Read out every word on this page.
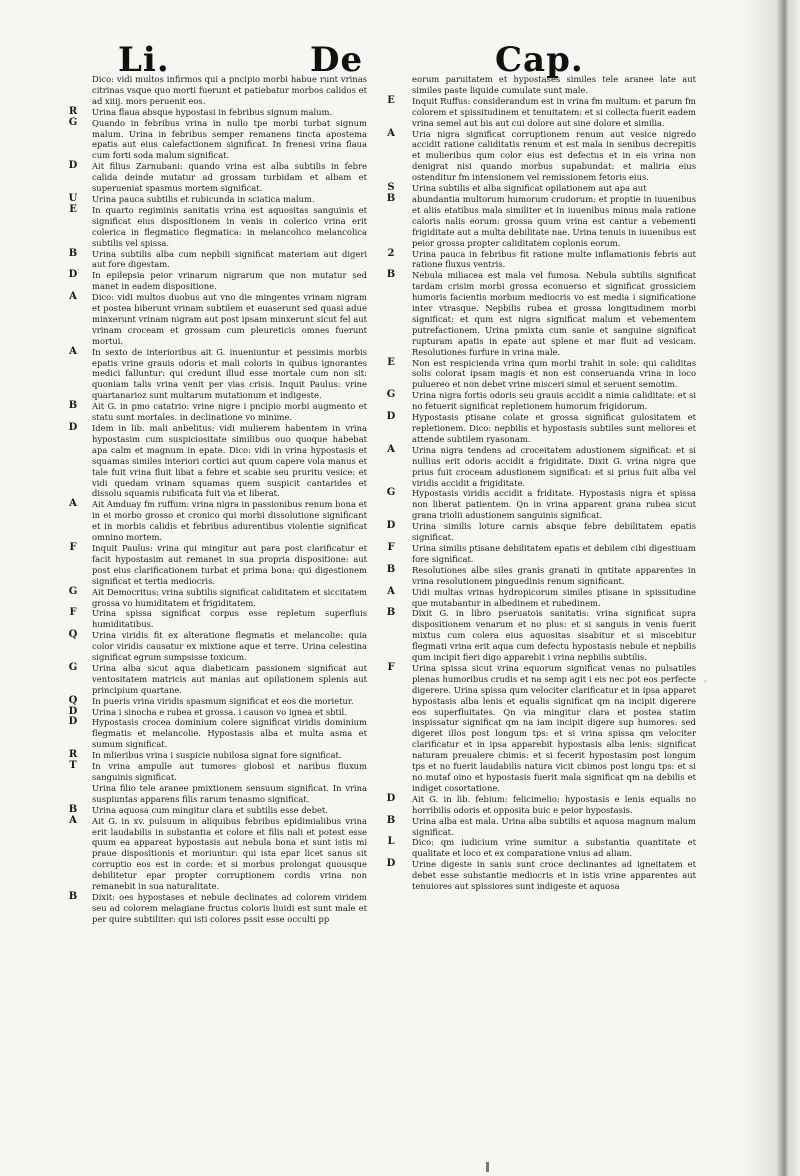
Li.	De	Cap.
Dico: vidi multos infirmos qui a pncipio morbi habue runt vrinas citrinas vsque quo morti fuerunt et patiebatur morbos calidos et ad xiiij. mors peruenit eos.
R	Urina flaua absque hypostasi in febribus signum malum.
G	Quando in febribus vrina in nullo tpe morbi turbat signum malum. Urina in febribus semper remanens tincta apostema epatis aut eius calefactionem significat. In frenesi vrina flaua cum forti soda malum significat.
D	Ait filius Zarnubani: quando vrina est alba subtilis in febre calida deinde mutatur ad grossam turbidam et albam et superueniat spasmus mortem significat.
U	Urina pauca subtilis et rubicunda in sciatica malum.
E	In quarto regiminis sanitatis vrina est aquositas sanguinis et significat eius dispositionem in venis in colerico vrina erit colerica in flegmatico flegmatica: in melancolico melancolica subtilis vel spissa.
B	Urina subtilis alba cum nepbili significat materiam aut digeri aut fore digestam.
D	In epilepsia peior vrinarum nigrarum que non mutatur sed manet in eadem dispositione.
A	Dico: vidi multos duobus aut vno die mingentes vrinam nigram et postea biberunt vrinam subtilem et euaserunt sed quasi adue minxerunt vrinam nigram aut post ipsam minxerunt sicut fel aut vrinam croceam et grossam cum pleureticis omnes fuerunt mortui.
A	In sexto de interioribus ait G. inueniuntur et pessimis morbis epatis vrine grauis odoris et mali coloris in quibus ignorantes medici falluntur: qui credunt illud esse mortale cum non sit: quoniam talis vrina venit per vias crisis. Inquit Paulus: vrine quartanarioz sunt multarum mutationum et indigeste.
B	Ait G. in pmo catatrio: vrine nigre i pncipio morbi augmento et statu sunt mortales. in declinatione vo minime.
D	Idem in lib. mali anbelitus: vidi mulierem habentem in vrina hypostasim cum suspiciositate similibus ouo quoque habebat apa calm et magnum in epate. Dico: vidi in vrina hypostasis et squamas similes interiori cortici aut quum capere vola manus et tale fuit vrina fluit libat a febre et scabie seu pruritu vesice: et vidi quedam vrinam squamas quem suspicit cantarides et dissolu squamis rubificata fuit via et liberat.
A	Ait Amduay fm ruffum: vrina nigra in passionibus renum bona et in ei morbo grosso et cronico qui morbi dissolutione significant et in morbis calidis et febribus adurentibus violentie significat omnino mortem.
F	Inquit Paulus: vrina qui mingitur aut para post clarificatur et facit hypostasim aut remanet in sua propria dispositione: aut post eius clarificationem turbat et prima bona: qui digestionem significat et tertia mediocris.
G	Ait Democritus: vrina subtilis significat caliditatem et siccitatem grossa vo humiditatem et frigiditatem.
F	Urina spissa significat corpus esse repletum superfluis humiditatibus.
Q	Urina viridis fit ex alteratione flegmatis et melancolie: quia color viridis causatur ex mixtione aque et terre. Urina celestina significat egrum sumpsisse toxicum.
G	Urina alba sicut aqua diabeticam passionem significat aut ventositatem matricis aut manias aut opilationem splenis aut principium quartane.
Q	In pueris vrina viridis spasmum significat et eos die morietur.
D	Urina i sinocha e rubea et grossa. i causon vo ignea et sbtil.
D	Hypostasis crocea dominium colere significat viridis dominium flegmatis et melancolie. Hypostasis alba et multa asma et sumum significat.
R	In mlieribus vrina i suspicie nubilosa signat fore significat.
T	In vrina ampulle aut tumores globosi et naribus fluxum sanguinis significat.
Urina filio tele aranee pmixtionem sensuum significat. In vrina suspiuntas apparens filis rarum tenasmo significat.
B	Urina aquosa cum mingitur clara et subtilis esse debet.
A	Ait G. in xv. pulsuum in aliquibus febribus epidimialibus vrina erit laudabilis in substantia et colore et filis nali et potest esse quum ea appareat hypostasis aut nebula bona et sunt istis mi praue dispositionis et moriuntur: qui ista epar licet sanus sit corruptio eos est in corde: et si morbus prolongat quousque debilitetur epar propter corruptionem cordis vrina non remanebit in sua naturalitate.
B	Dixit: oes hypostases et nebule declinates ad colorem viridem seu ad colorem melagiane fructus coloris liuidi est sunt male et per quire subtiliter: qui isti colores pssit esse occulti pp
eorum paruitatem et hypostases similes tele aranee late aut similes paste liquide cumulate sunt male.
E	Inquit Ruffus: considerandum est in vrina fm multum: et parum fm colorem et spissitudinem et tenuitatem: et si collecta fuerit eadem vrina semel aut bis aut cui dolore aut sine dolore et similia.
A	Uria nigra significat corruptionem renum aut vesice nigredo accidit ratione caliditatis renum et est mala in senibus decrepitis et mulieribus qum color eius est defectus et in eis vrina non denigrat nisi quando morbus supabundat: et maliria eius ostenditur fm intensionem vel remissionem fetoris eius.
S	Urina subtilis et alba significat opilationem aut apa aut
B	abundantia multorum humorum crudorum: et proptie in iuuenibus et aliis etatibus mala similiter et in iuuenibus minus mala ratione caloris nalis eorum: grossa quum vrina est cantur a vebementi frigiditate aut a multa debilitate nae. Urina tenuis in iuuenibus est peior grossa propter caliditatem coplonis eorum.
2	Urina pauca in febribus fit ratione multe inflamationis febris aut ratione fluxus ventris.
B	Nebula miliacea est mala vel fumosa. Nebula subtilis significat tardam crisim morbi grossa econuerso et significat grossiciem humoris facientis morbum mediocris vo est media i significatione inter vtrasque. Nepbilis rubea et grossa longitudinem morbi significat: et qum est nigra significat malum et vebementem putrefactionem. Urina pmixta cum sanie et sanguine significat rupturam apatis in epate aut splene et mar fluit ad vesicam. Resolutiones furfure in vrina male.
E	Non est respicienda vrina qum morbi trahit in sole: qui caliditas solis colorat ipsam magis et non est conseruanda vrina in loco puluereo et non debet vrine misceri simul et seruent semotim.
G	Urina nigra fortis odoris seu grauis accidit a nimia caliditate: et si no fetuerit significat repletionem humorum frigidorum.
D	Hypostasis ptisane colate et grossa significat gulositatem et repletionem. Dico: nepbilis et hypostasis subtiles sunt meliores et attende subtilem ryasonam.
A	Urina nigra tendens ad croceitatem adustionem significat: et si nullius erit odoris accidit a frigiditate. Dixit G. vrina nigra que prius fuit croceam adustionem significat: et si prius fuit alba vel viridis accidit a frigiditate.
G	Hypostasis viridis accidit a friditate. Hypostasis nigra et spissa non liberat patientem. Qn in vrina apparent grana rubea sicut grana triolii adustionem sanguinis significat.
D	Urina similis loture carnis absque febre debilitatem epatis significat.
F	Urina similis ptisane debilitatem epatis et debilem cibi digestiuam fore significat.
B	Resolutiones albe siles granis granati in qntitate apparentes in vrina resolutionem pinguedinis renum significant.
A	Uidi multas vrinas hydropicorum similes ptisane in spissitudine que mutabantur in albedinem et rubedinem.
B	Dixit G. in libro pseruatois sanitatis: vrina significat supra dispositionem venarum et no plus: et si sanguis in venis fuerit mixtus cum colera eius aquositas sisabitur et si miscebitur flegmati vrina erit aqua cum defectu hypostasis nebule et nepbilis qum incipit fieri digo apparebit i vrina nepbilis subtilis.
F	Urina spissa sicut vrina equorum significat venas no pulsatiles plenas humoribus crudis et na semp agit i eis nec pot eos perfecte digerere. Urina spissa qum velociter clarificatur et in ipsa apparet hypostasis alba lenis et equalis significat qm na incipit digerere eos superfluitates. Qn via mingitur clara et postea statim inspissatur significat qm na iam incipit digere sup humores: sed digeret illos post longum tps: et si vrina spissa qm velociter clarificatur et in ipsa apparebit hypostasis alba lenis: significat naturam preualere cbimis: et si fecerit hypostasim post longum tps et no fuerit laudabilis natura vicit cbimos post longu tps: et si no mutaf oino et hypostasis fuerit mala significat qm na debilis et indiget cosortatione.
D	Ait G. in lib. febium: felicimelio: hypostasis e lenis equalis no horribilis odoris et opposita buic e peior hypostasis.
B	Urina alba est mala. Urina alba subtilis et aquosa magnum malum significat.
L	Dico: qm iudicium vrine sumitur a substantia quantitate et qualitate et loco et ex comparatione vnius ad aliam.
D	Urine digeste in sanis sunt croce declinantes ad igneitatem et debet esse substantie mediocris et in istis vrine apparentes aut tenuiores aut spissiores sunt indigeste et aquosa
~
